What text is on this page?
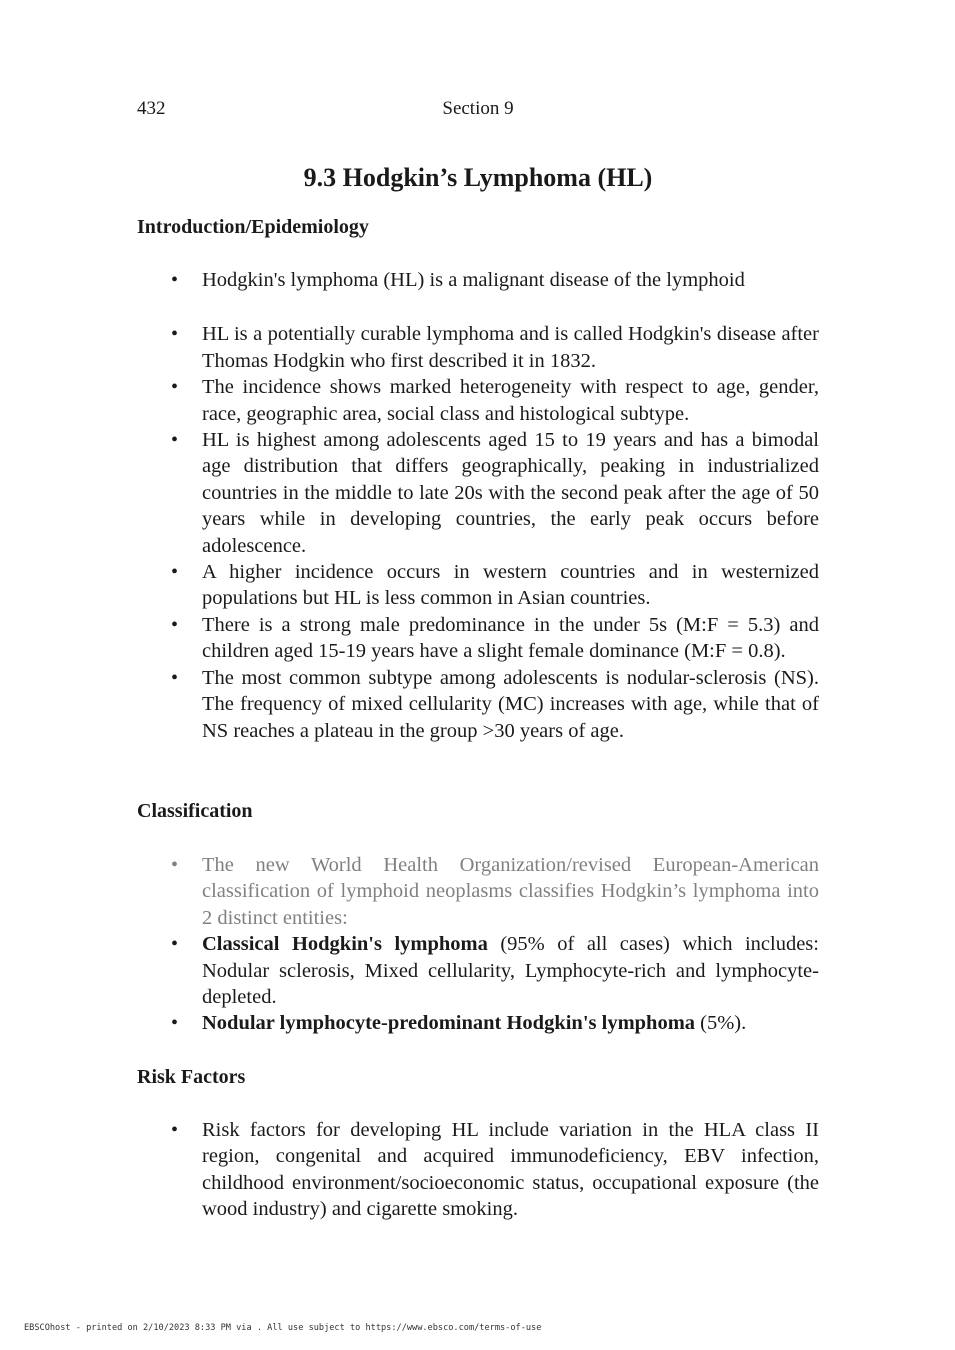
432	Section 9
9.3 Hodgkin’s Lymphoma (HL)
Introduction/Epidemiology
• Hodgkin's lymphoma (HL) is a malignant disease of the lymphoid
• HL is a potentially curable lymphoma and is called Hodgkin's disease after Thomas Hodgkin who first described it in 1832.
• The incidence shows marked heterogeneity with respect to age, gender, race, geographic area, social class and histological subtype.
• HL is highest among adolescents aged 15 to 19 years and has a bimodal age distribution that differs geographically, peaking in industrialized countries in the middle to late 20s with the second peak after the age of 50 years while in developing countries, the early peak occurs before adolescence.
• A higher incidence occurs in western countries and in westernized populations but HL is less common in Asian countries.
• There is a strong male predominance in the under 5s (M:F = 5.3) and children aged 15-19 years have a slight female dominance (M:F = 0.8).
• The most common subtype among adolescents is nodular-sclerosis (NS). The frequency of mixed cellularity (MC) increases with age, while that of NS reaches a plateau in the group >30 years of age.
Classification
• The new World Health Organization/revised European-American classification of lymphoid neoplasms classifies Hodgkin’s lymphoma into 2 distinct entities:
• Classical Hodgkin's lymphoma (95% of all cases) which includes: Nodular sclerosis, Mixed cellularity, Lymphocyte-rich and lymphocyte-depleted.
• Nodular lymphocyte-predominant Hodgkin's lymphoma (5%).
Risk Factors
• Risk factors for developing HL include variation in the HLA class II region, congenital and acquired immunodeficiency, EBV infection, childhood environment/socioeconomic status, occupational exposure (the wood industry) and cigarette smoking.
EBSCOhost - printed on 2/10/2023 8:33 PM via . All use subject to https://www.ebsco.com/terms-of-use
